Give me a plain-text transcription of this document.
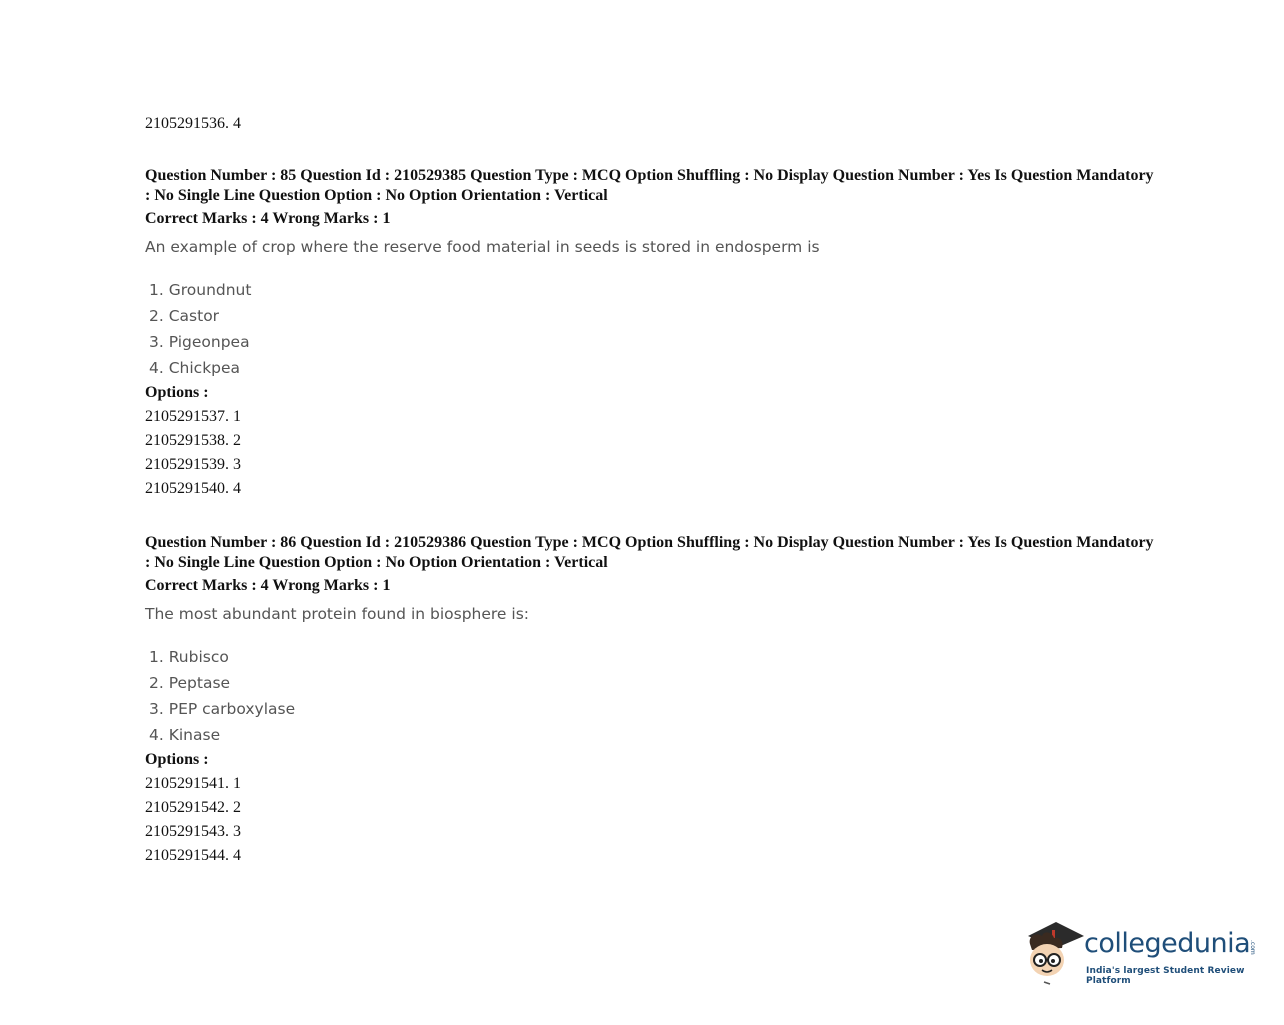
2105291536. 4
Question Number : 85 Question Id : 210529385 Question Type : MCQ Option Shuffling : No Display Question Number : Yes Is Question Mandatory : No Single Line Question Option : No Option Orientation : Vertical
Correct Marks : 4 Wrong Marks : 1
An example of crop where the reserve food material in seeds is stored in endosperm is
1. Groundnut
2. Castor
3. Pigeonpea
4. Chickpea
Options :
2105291537. 1
2105291538. 2
2105291539. 3
2105291540. 4
Question Number : 86 Question Id : 210529386 Question Type : MCQ Option Shuffling : No Display Question Number : Yes Is Question Mandatory : No Single Line Question Option : No Option Orientation : Vertical
Correct Marks : 4 Wrong Marks : 1
The most abundant protein found in biosphere is:
1. Rubisco
2. Peptase
3. PEP carboxylase
4. Kinase
Options :
2105291541. 1
2105291542. 2
2105291543. 3
2105291544. 4
collegedunia
.com
India's largest Student Review Platform
